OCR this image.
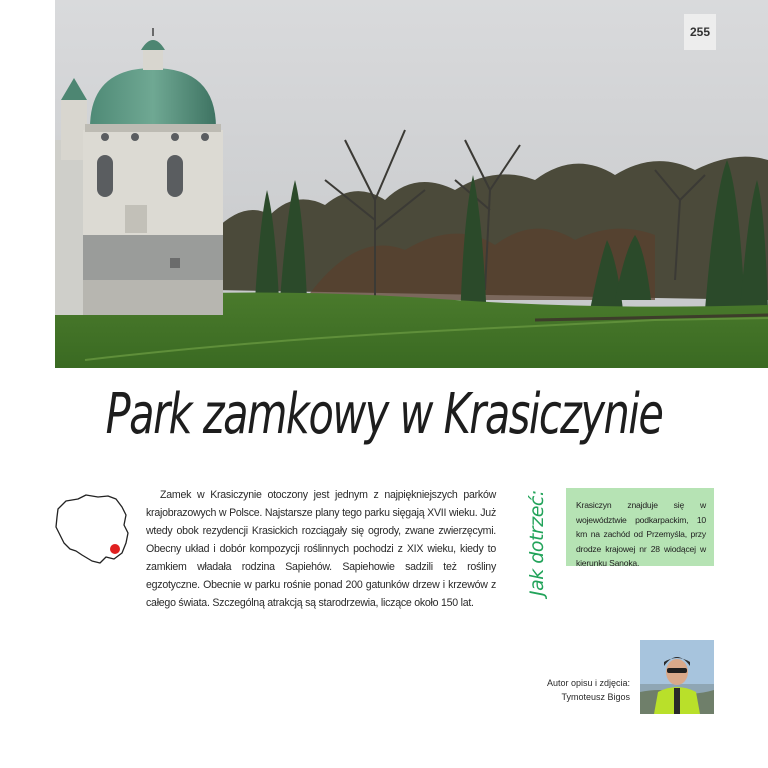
255
Park zamkowy w Krasiczynie

Zamek w Krasiczynie otoczony jest jednym z najpiękniejszych parków krajobrazowych w Polsce. Najstarsze plany tego parku sięgają XVII wieku. Już wtedy obok rezydencji Krasickich rozciągały się ogrody, zwane zwierzęcymi. Obecny układ i dobór kompozycji roślinnych pochodzi z XIX wieku, kiedy to zamkiem władała rodzina Sapiehów. Sapiehowie sadzili też rośliny egzotyczne. Obecnie w parku rośnie ponad 200 gatunków drzew i krzewów z całego świata. Szczególną atrakcją są starodrzewia, liczące około 150 lat.

Jak dotrzeć:	Krasiczyn znajduje się w województwie podkarpackim, 10 km na zachód od Przemyśla, przy drodze krajowej nr 28 wiodącej w kierunku Sanoka.
Autor opisu i zdjęcia:
Tymoteusz Bigos
